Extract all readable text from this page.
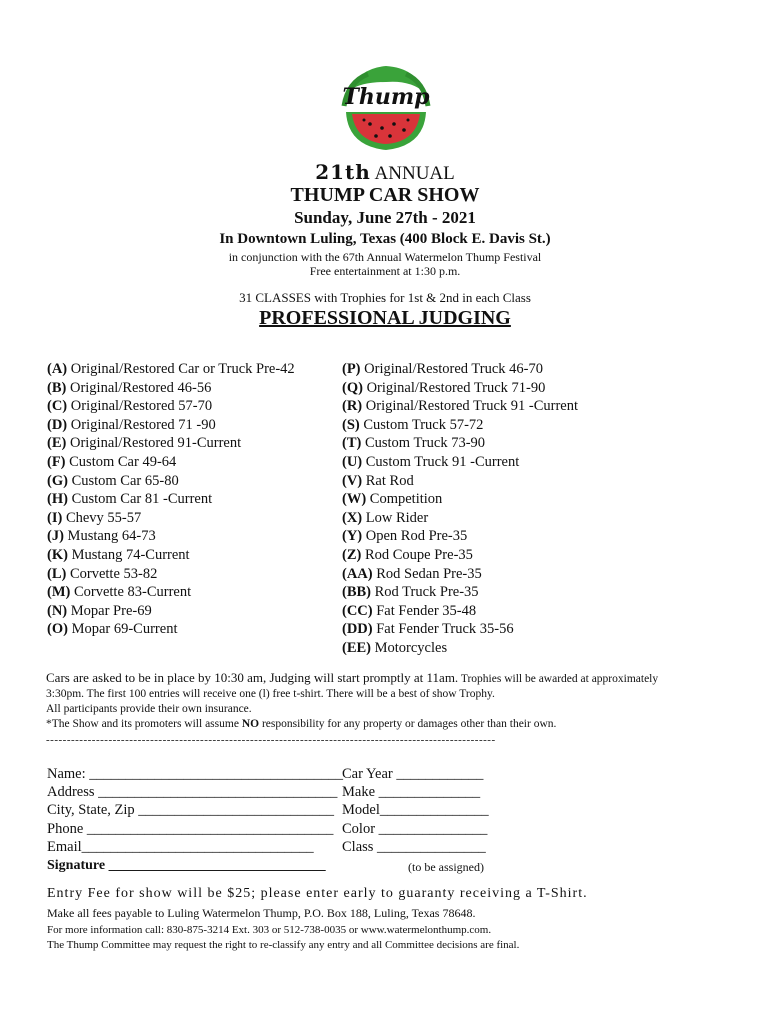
Thump
21th ANNUAL
THUMP CAR SHOW
Sunday, June 27th - 2021
In Downtown Luling, Texas (400 Block E. Davis St.)
in conjunction with the 67th Annual Watermelon Thump Festival
Free entertainment at 1:30 p.m.
31 CLASSES with Trophies for 1st & 2nd in each Class
PROFESSIONAL JUDGING
(A) Original/Restored Car or Truck Pre-42
(B) Original/Restored 46-56
(C) Original/Restored 57-70
(D) Original/Restored 71 -90
(E) Original/Restored 91-Current
(F) Custom Car 49-64
(G) Custom Car 65-80
(H) Custom Car 81 -Current
(I) Chevy 55-57
(J) Mustang 64-73
(K) Mustang 74-Current
(L) Corvette 53-82
(M) Corvette 83-Current
(N) Mopar Pre-69
(O) Mopar 69-Current
(P) Original/Restored Truck 46-70
(Q) Original/Restored Truck 71-90
(R) Original/Restored Truck 91 -Current
(S) Custom Truck 57-72
(T) Custom Truck 73-90
(U) Custom Truck 91 -Current
(V) Rat Rod
(W) Competition
(X) Low Rider
(Y) Open Rod Pre-35
(Z) Rod Coupe Pre-35
(AA) Rod Sedan Pre-35
(BB) Rod Truck Pre-35
(CC) Fat Fender 35-48
(DD) Fat Fender Truck 35-56
(EE) Motorcycles
Cars are asked to be in place by 10:30 am, Judging will start promptly at 11am. Trophies will be awarded at approximately
3:30pm. The first 100 entries will receive one (l) free t-shirt. There will be a best of show Trophy.
All participants provide their own insurance.
*The Show and its promoters will assume NO responsibility for any property or damages other than their own.
------------------------------------------------------------------------------------------------------------
Name: ___________________________________
Address _________________________________
City, State, Zip ___________________________
Phone __________________________________
Email________________________________
Car Year ____________
Make ______________
Model_______________
Color _______________
Class _______________
Signature _______________________________	(to be assigned)
Entry Fee for show will be $25; please enter early to guaranty receiving a T-Shirt.
Make all fees payable to Luling Watermelon Thump, P.O. Box 188, Luling, Texas 78648.
For more information call: 830-875-3214 Ext. 303 or 512-738-0035 or www.watermelonthump.com.
The Thump Committee may request the right to re-classify any entry and all Committee decisions are final.
